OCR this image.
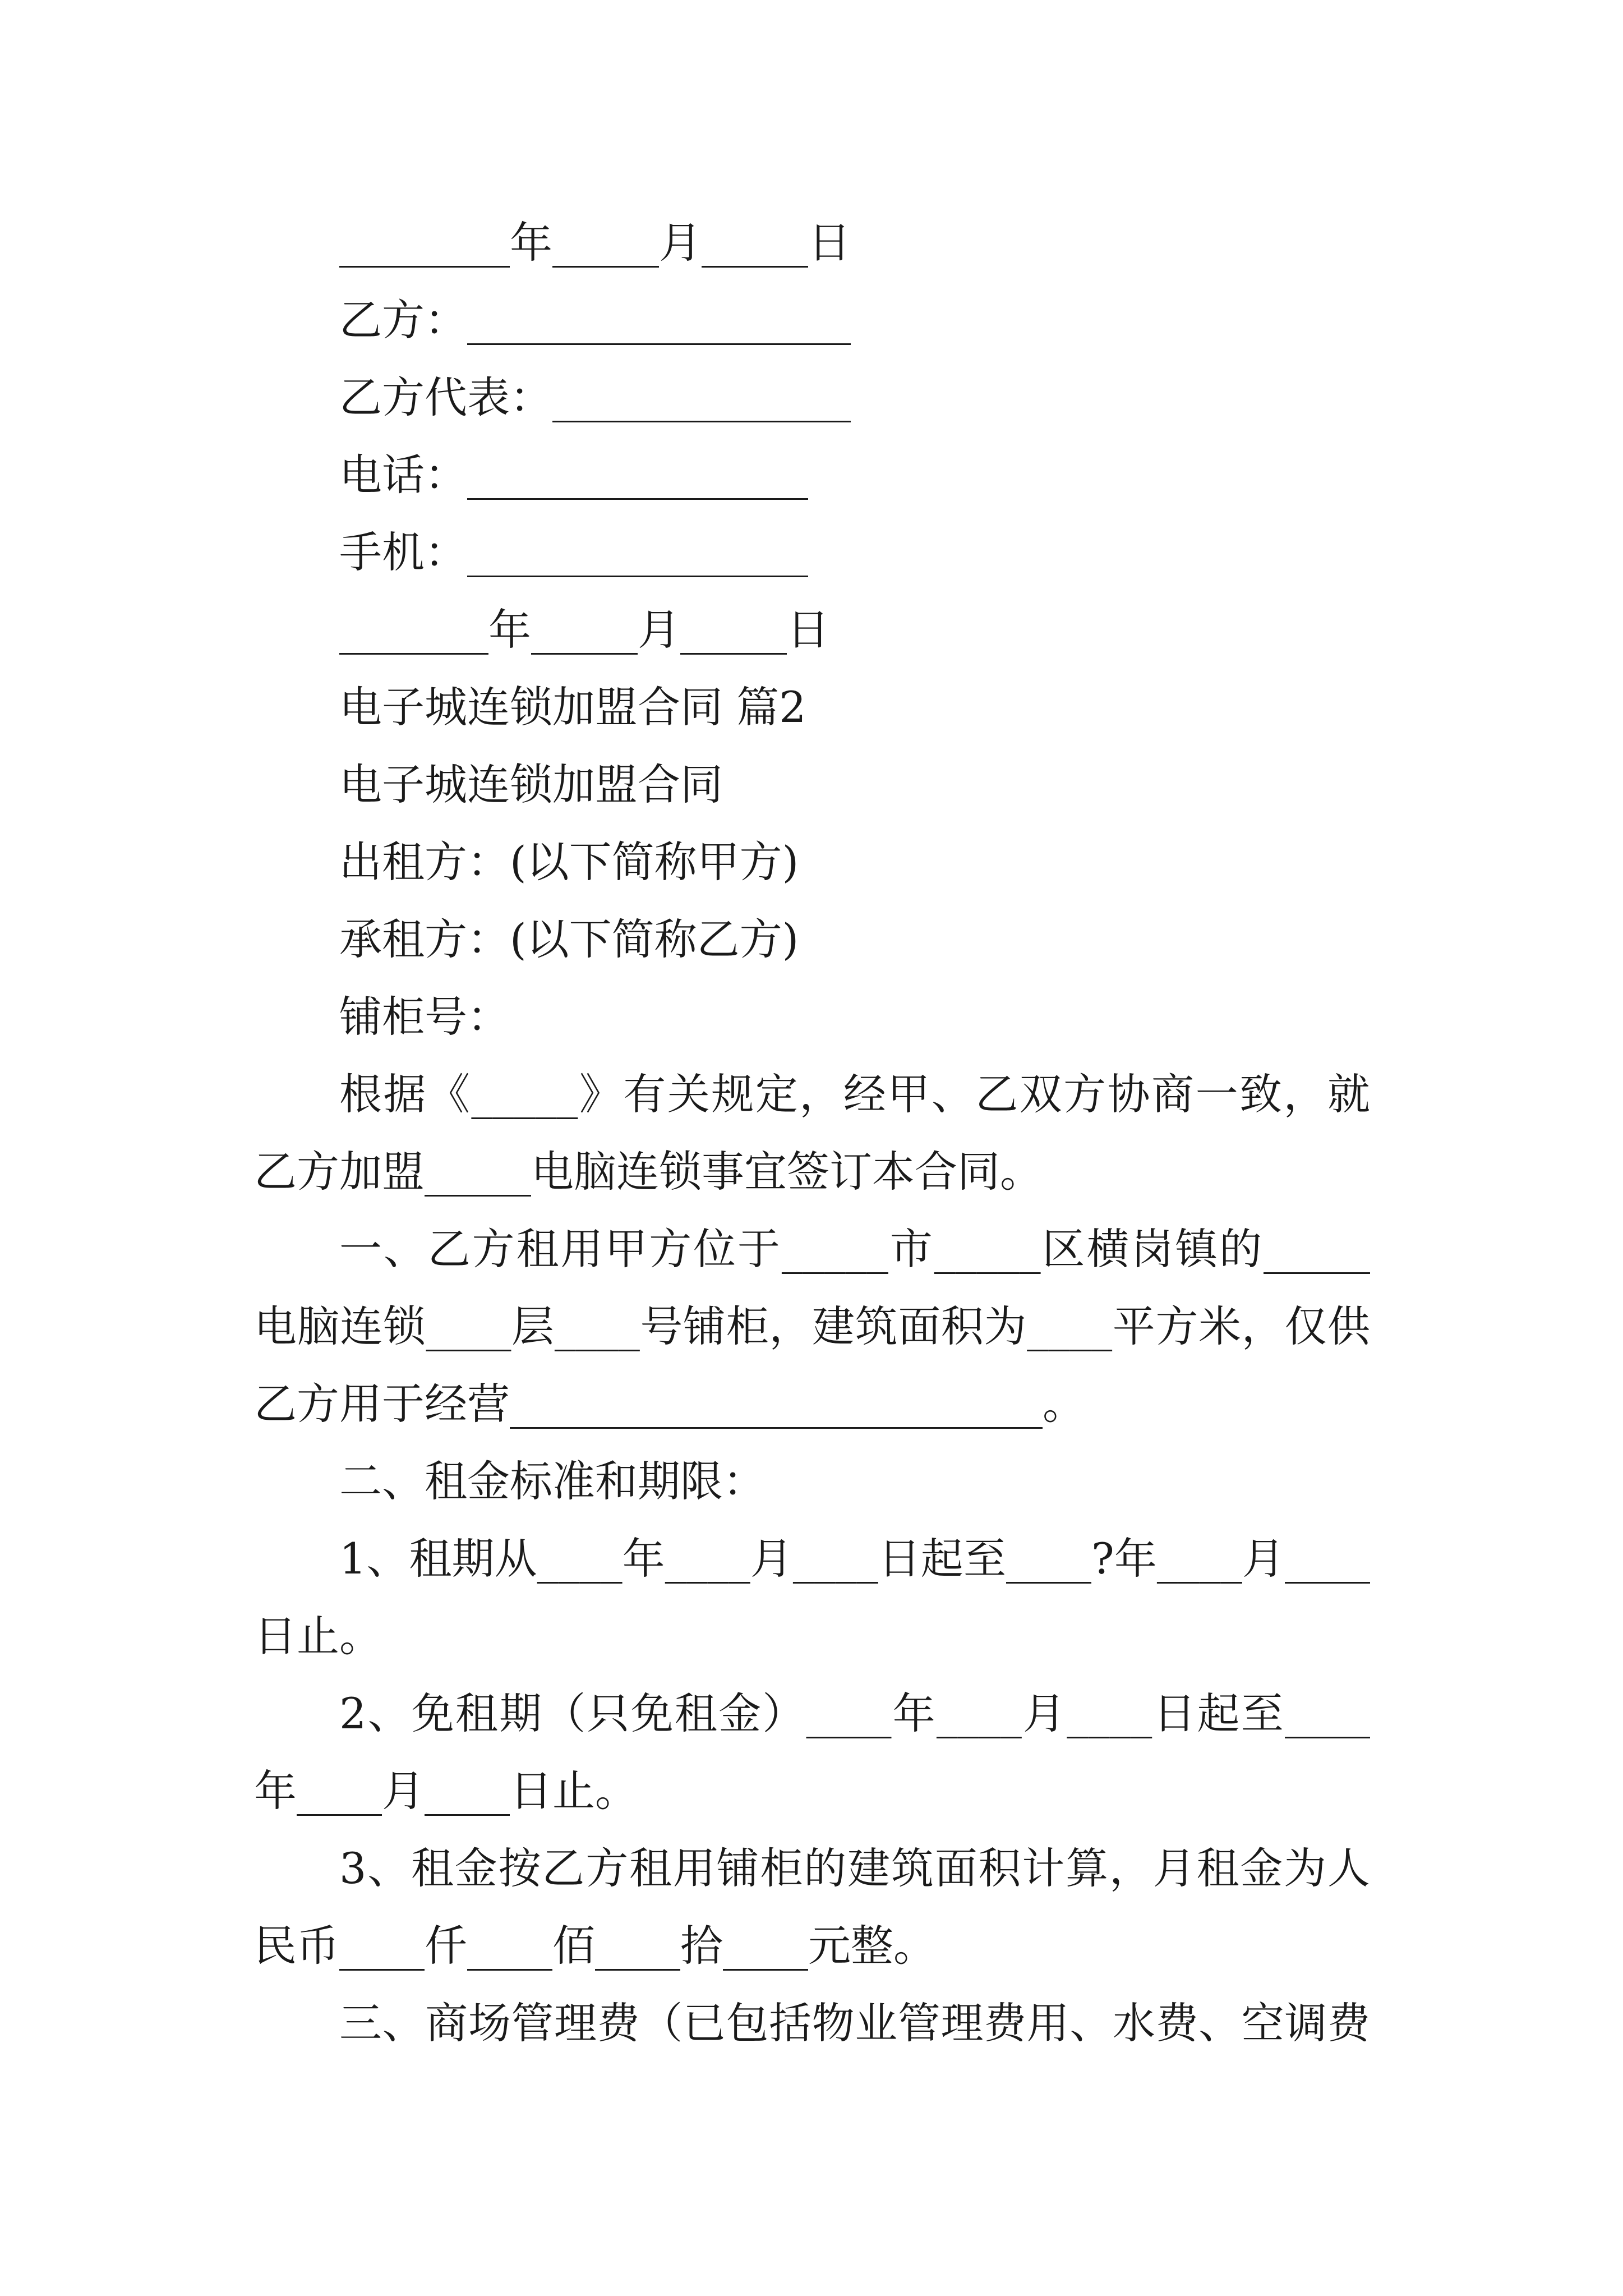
________年_____月_____日

乙方：__________________

乙方代表：______________

电话：________________

手机：________________

_______年_____月_____日

电子城连锁加盟合同 篇2

电子城连锁加盟合同

出租方：(以下简称甲方)

承租方：(以下简称乙方)

铺柜号：

根据《_____》有关规定，经甲、乙双方协商一致，就

乙方加盟_____电脑连锁事宜签订本合同。

一、乙方租用甲方位于_____市_____区横岗镇的_____

电脑连锁____层____号铺柜，建筑面积为____平方米，仅供

乙方用于经营_________________________。

二、租金标准和期限：

1、租期从____年____月____日起至____?年____月____

日止。

2、免租期（只免租金）____年____月____日起至____

年____月____日止。

3、租金按乙方租用铺柜的建筑面积计算，月租金为人

民币____仟____佰____拾____元整。

三、商场管理费（已包括物业管理费用、水费、空调费
